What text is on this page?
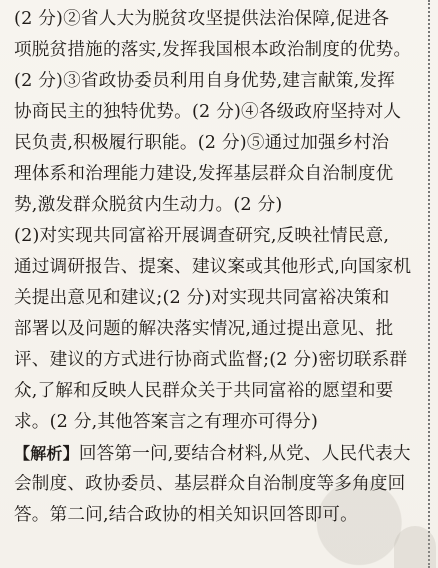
(2 分)②省人大为脱贫攻坚提供法治保障,促进各
项脱贫措施的落实,发挥我国根本政治制度的优势。
(2 分)③省政协委员利用自身优势,建言献策,发挥
协商民主的独特优势。(2 分)④各级政府坚持对人
民负责,积极履行职能。(2 分)⑤通过加强乡村治
理体系和治理能力建设,发挥基层群众自治制度优
势,激发群众脱贫内生动力。(2 分)
(2)对实现共同富裕开展调查研究,反映社情民意,
通过调研报告、提案、建议案或其他形式,向国家机
关提出意见和建议;(2 分)对实现共同富裕决策和
部署以及问题的解决落实情况,通过提出意见、批
评、建议的方式进行协商式监督;(2 分)密切联系群
众,了解和反映人民群众关于共同富裕的愿望和要
求。(2 分,其他答案言之有理亦可得分)
【解析】回答第一问,要结合材料,从党、人民代表大
会制度、政协委员、基层群众自治制度等多角度回
答。第二问,结合政协的相关知识回答即可。
